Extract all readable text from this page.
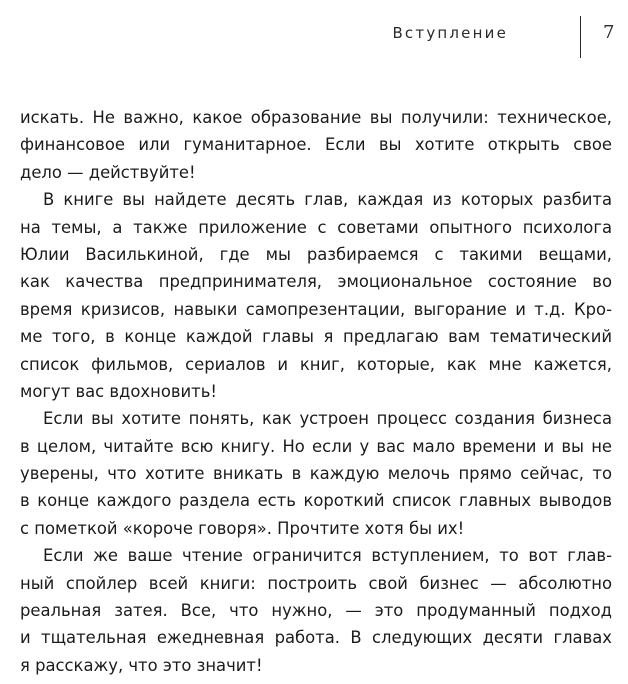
Вступление	7
искать. Не важно, какое образование вы получили: техническое,
финансовое или гуманитарное. Если вы хотите открыть свое
дело — действуйте!
В книге вы найдете десять глав, каждая из которых разбита
на темы, а также приложение с советами опытного психолога
Юлии Василькиной, где мы разбираемся с такими вещами,
как качества предпринимателя, эмоциональное состояние во
время кризисов, навыки самопрезентации, выгорание и т.д. Кро-
ме того, в конце каждой главы я предлагаю вам тематический
список фильмов, сериалов и книг, которые, как мне кажется,
могут вас вдохновить!
Если вы хотите понять, как устроен процесс создания бизнеса
в целом, читайте всю книгу. Но если у вас мало времени и вы не
уверены, что хотите вникать в каждую мелочь прямо сейчас, то
в конце каждого раздела есть короткий список главных выводов
с пометкой «короче говоря». Прочтите хотя бы их!
Если же ваше чтение ограничится вступлением, то вот глав-
ный спойлер всей книги: построить свой бизнес — абсолютно
реальная затея. Все, что нужно, — это продуманный подход
и тщательная ежедневная работа. В следующих десяти главах
я расскажу, что это значит!
